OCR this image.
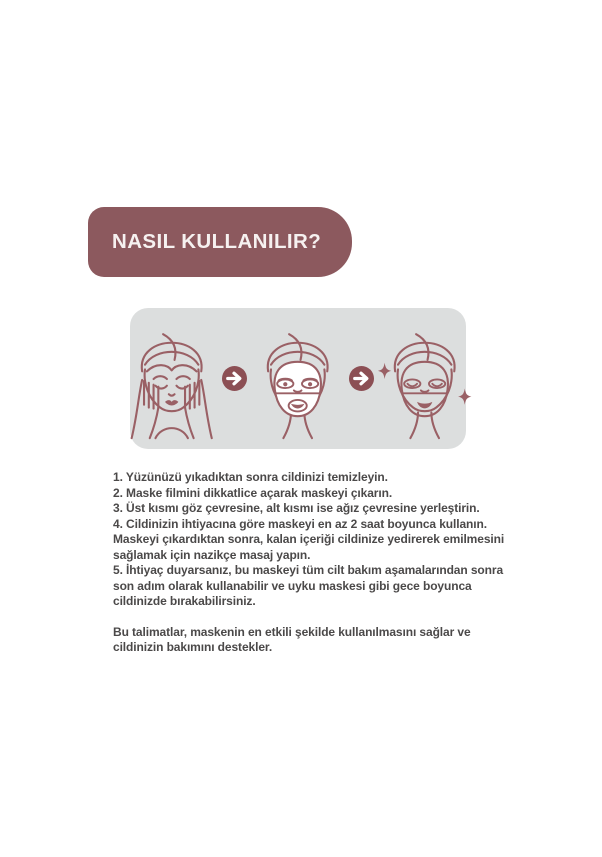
NASIL KULLANILIR?

1. Yüzünüzü yıkadıktan sonra cildinizi temizleyin.

2. Maske filmini dikkatlice açarak maskeyi çıkarın.

3. Üst kısmı göz çevresine, alt kısmı ise ağız çevresine yerleştirin.

4. Cildinizin ihtiyacına göre maskeyi en az 2 saat boyunca kullanın. Maskeyi çıkardıktan sonra, kalan içeriği cildinize yedirerek emilmesini sağlamak için nazikçe masaj yapın.

5. İhtiyaç duyarsanız, bu maskeyi tüm cilt bakım aşamalarından sonra son adım olarak kullanabilir ve uyku maskesi gibi gece boyunca cildinizde bırakabilirsiniz.

Bu talimatlar, maskenin en etkili şekilde kullanılmasını sağlar ve cildinizin bakımını destekler.
